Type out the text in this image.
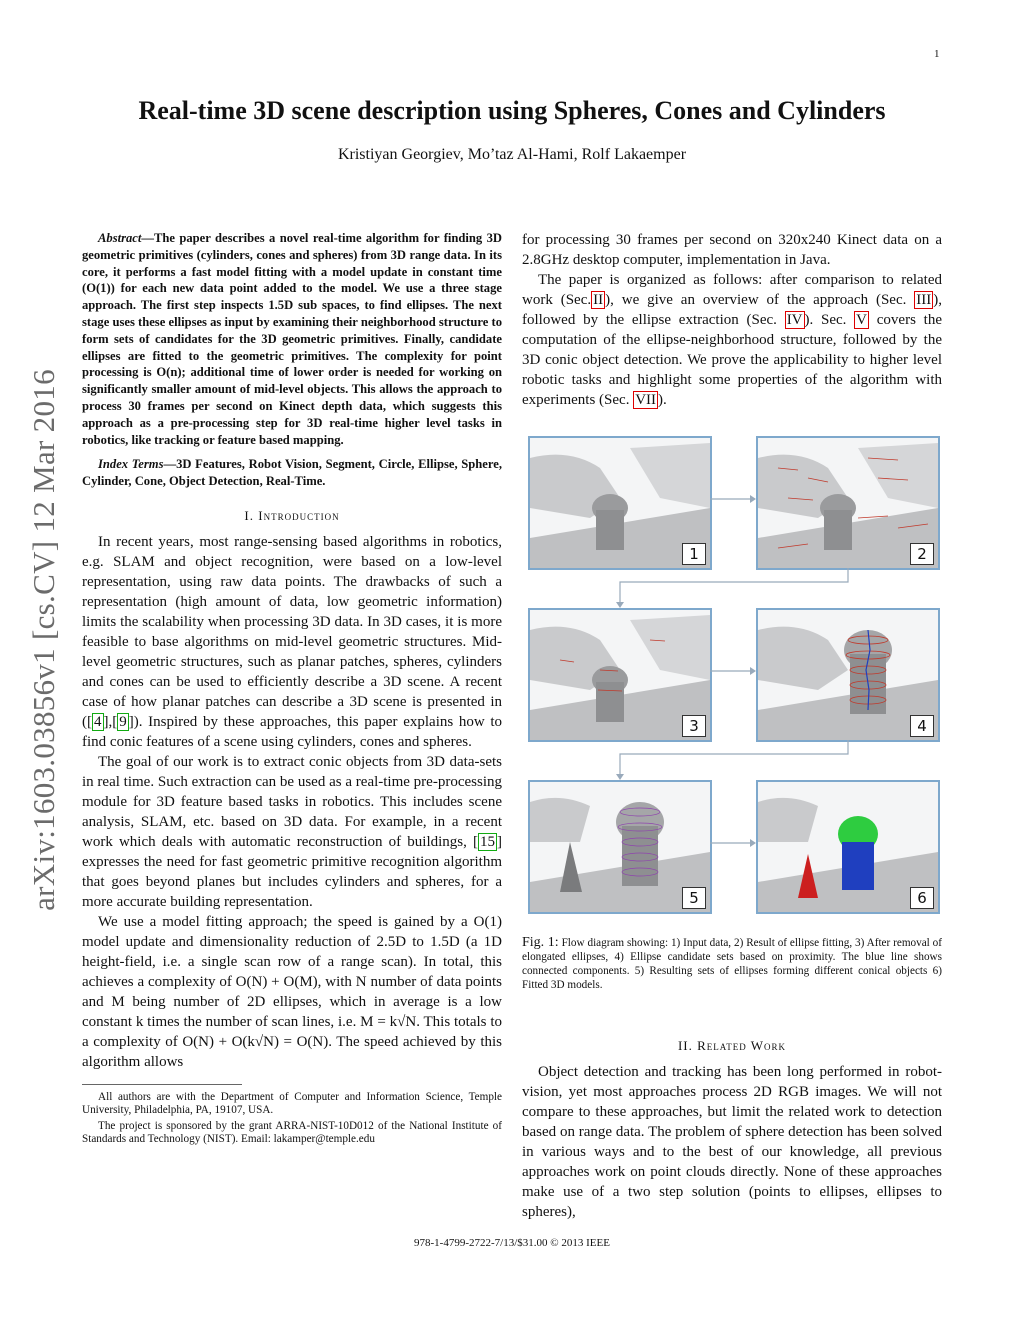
1
arXiv:1603.03856v1 [cs.CV] 12 Mar 2016
Real-time 3D scene description using Spheres, Cones and Cylinders
Kristiyan Georgiev, Mo’taz Al-Hami, Rolf Lakaemper
Abstract—The paper describes a novel real-time algorithm for finding 3D geometric primitives (cylinders, cones and spheres) from 3D range data. In its core, it performs a fast model fitting with a model update in constant time (O(1)) for each new data point added to the model. We use a three stage approach. The first step inspects 1.5D sub spaces, to find ellipses. The next stage uses these ellipses as input by examining their neighborhood structure to form sets of candidates for the 3D geometric primitives. Finally, candidate ellipses are fitted to the geometric primitives. The complexity for point processing is O(n); additional time of lower order is needed for working on significantly smaller amount of mid-level objects. This allows the approach to process 30 frames per second on Kinect depth data, which suggests this approach as a pre-processing step for 3D real-time higher level tasks in robotics, like tracking or feature based mapping.
Index Terms—3D Features, Robot Vision, Segment, Circle, Ellipse, Sphere, Cylinder, Cone, Object Detection, Real-Time.
I. Introduction

In recent years, most range-sensing based algorithms in robotics, e.g. SLAM and object recognition, were based on a low-level representation, using raw data points. The drawbacks of such a representation (high amount of data, low geometric information) limits the scalability when processing 3D data. In 3D cases, it is more feasible to base algorithms on mid-level geometric structures. Mid-level geometric structures, such as planar patches, spheres, cylinders and cones can be used to efficiently describe a 3D scene. A recent case of how planar patches can describe a 3D scene is presented in ([ 4 ],[ 9 ]). Inspired by these approaches, this paper explains how to find conic features of a scene using cylinders, cones and spheres.

The goal of our work is to extract conic objects from 3D data-sets in real time. Such extraction can be used as a real-time pre-processing module for 3D feature based tasks in robotics. This includes scene analysis, SLAM, etc. based on 3D data. For example, in a recent work which deals with automatic reconstruction of buildings, [ 15 ] expresses the need for fast geometric primitive recognition algorithm that goes beyond planes but includes cylinders and spheres, for a more accurate building representation.

We use a model fitting approach; the speed is gained by a O(1) model update and dimensionality reduction of 2.5D to 1.5D (a 1D height-field, i.e. a single scan row of a range scan). In total, this achieves a complexity of O(N) + O(M), with N number of data points and M being number of 2D ellipses, which in average is a low constant k times the number of scan lines, i.e. M = k√N. This totals to a complexity of O(N) + O(k√N) = O(N). The speed achieved by this algorithm allows

All authors are with the Department of Computer and Information Science, Temple University, Philadelphia, PA, 19107, USA.
The project is sponsored by the grant ARRA-NIST-10D012 of the National Institute of Standards and Technology (NIST). Email: lakamper@temple.edu

for processing 30 frames per second on 320x240 Kinect data on a 2.8GHz desktop computer, implementation in Java.

The paper is organized as follows: after comparison to related work (Sec. II ), we give an overview of the approach (Sec. III ), followed by the ellipse extraction (Sec. IV ). Sec. V covers the computation of the ellipse-neighborhood structure, followed by the 3D conic object detection. We prove the applicability to higher level robotic tasks and highlight some properties of the algorithm with experiments (Sec. VII ).

1	2
3	4
5	6
Fig. 1: Flow diagram showing: 1) Input data, 2) Result of ellipse fitting, 3) After removal of elongated ellipses, 4) Ellipse candidate sets based on proximity. The blue line shows connected components. 5) Resulting sets of ellipses forming different conical objects 6) Fitted 3D models.
II. Related Work

Object detection and tracking has been long performed in robot-vision, yet most approaches process 2D RGB images. We will not compare to these approaches, but limit the related work to detection based on range data. The problem of sphere detection has been solved in various ways and to the best of our knowledge, all previous approaches work on point clouds directly. None of these approaches make use of a two step solution (points to ellipses, ellipses to spheres),

978-1-4799-2722-7/13/$31.00 © 2013 IEEE
